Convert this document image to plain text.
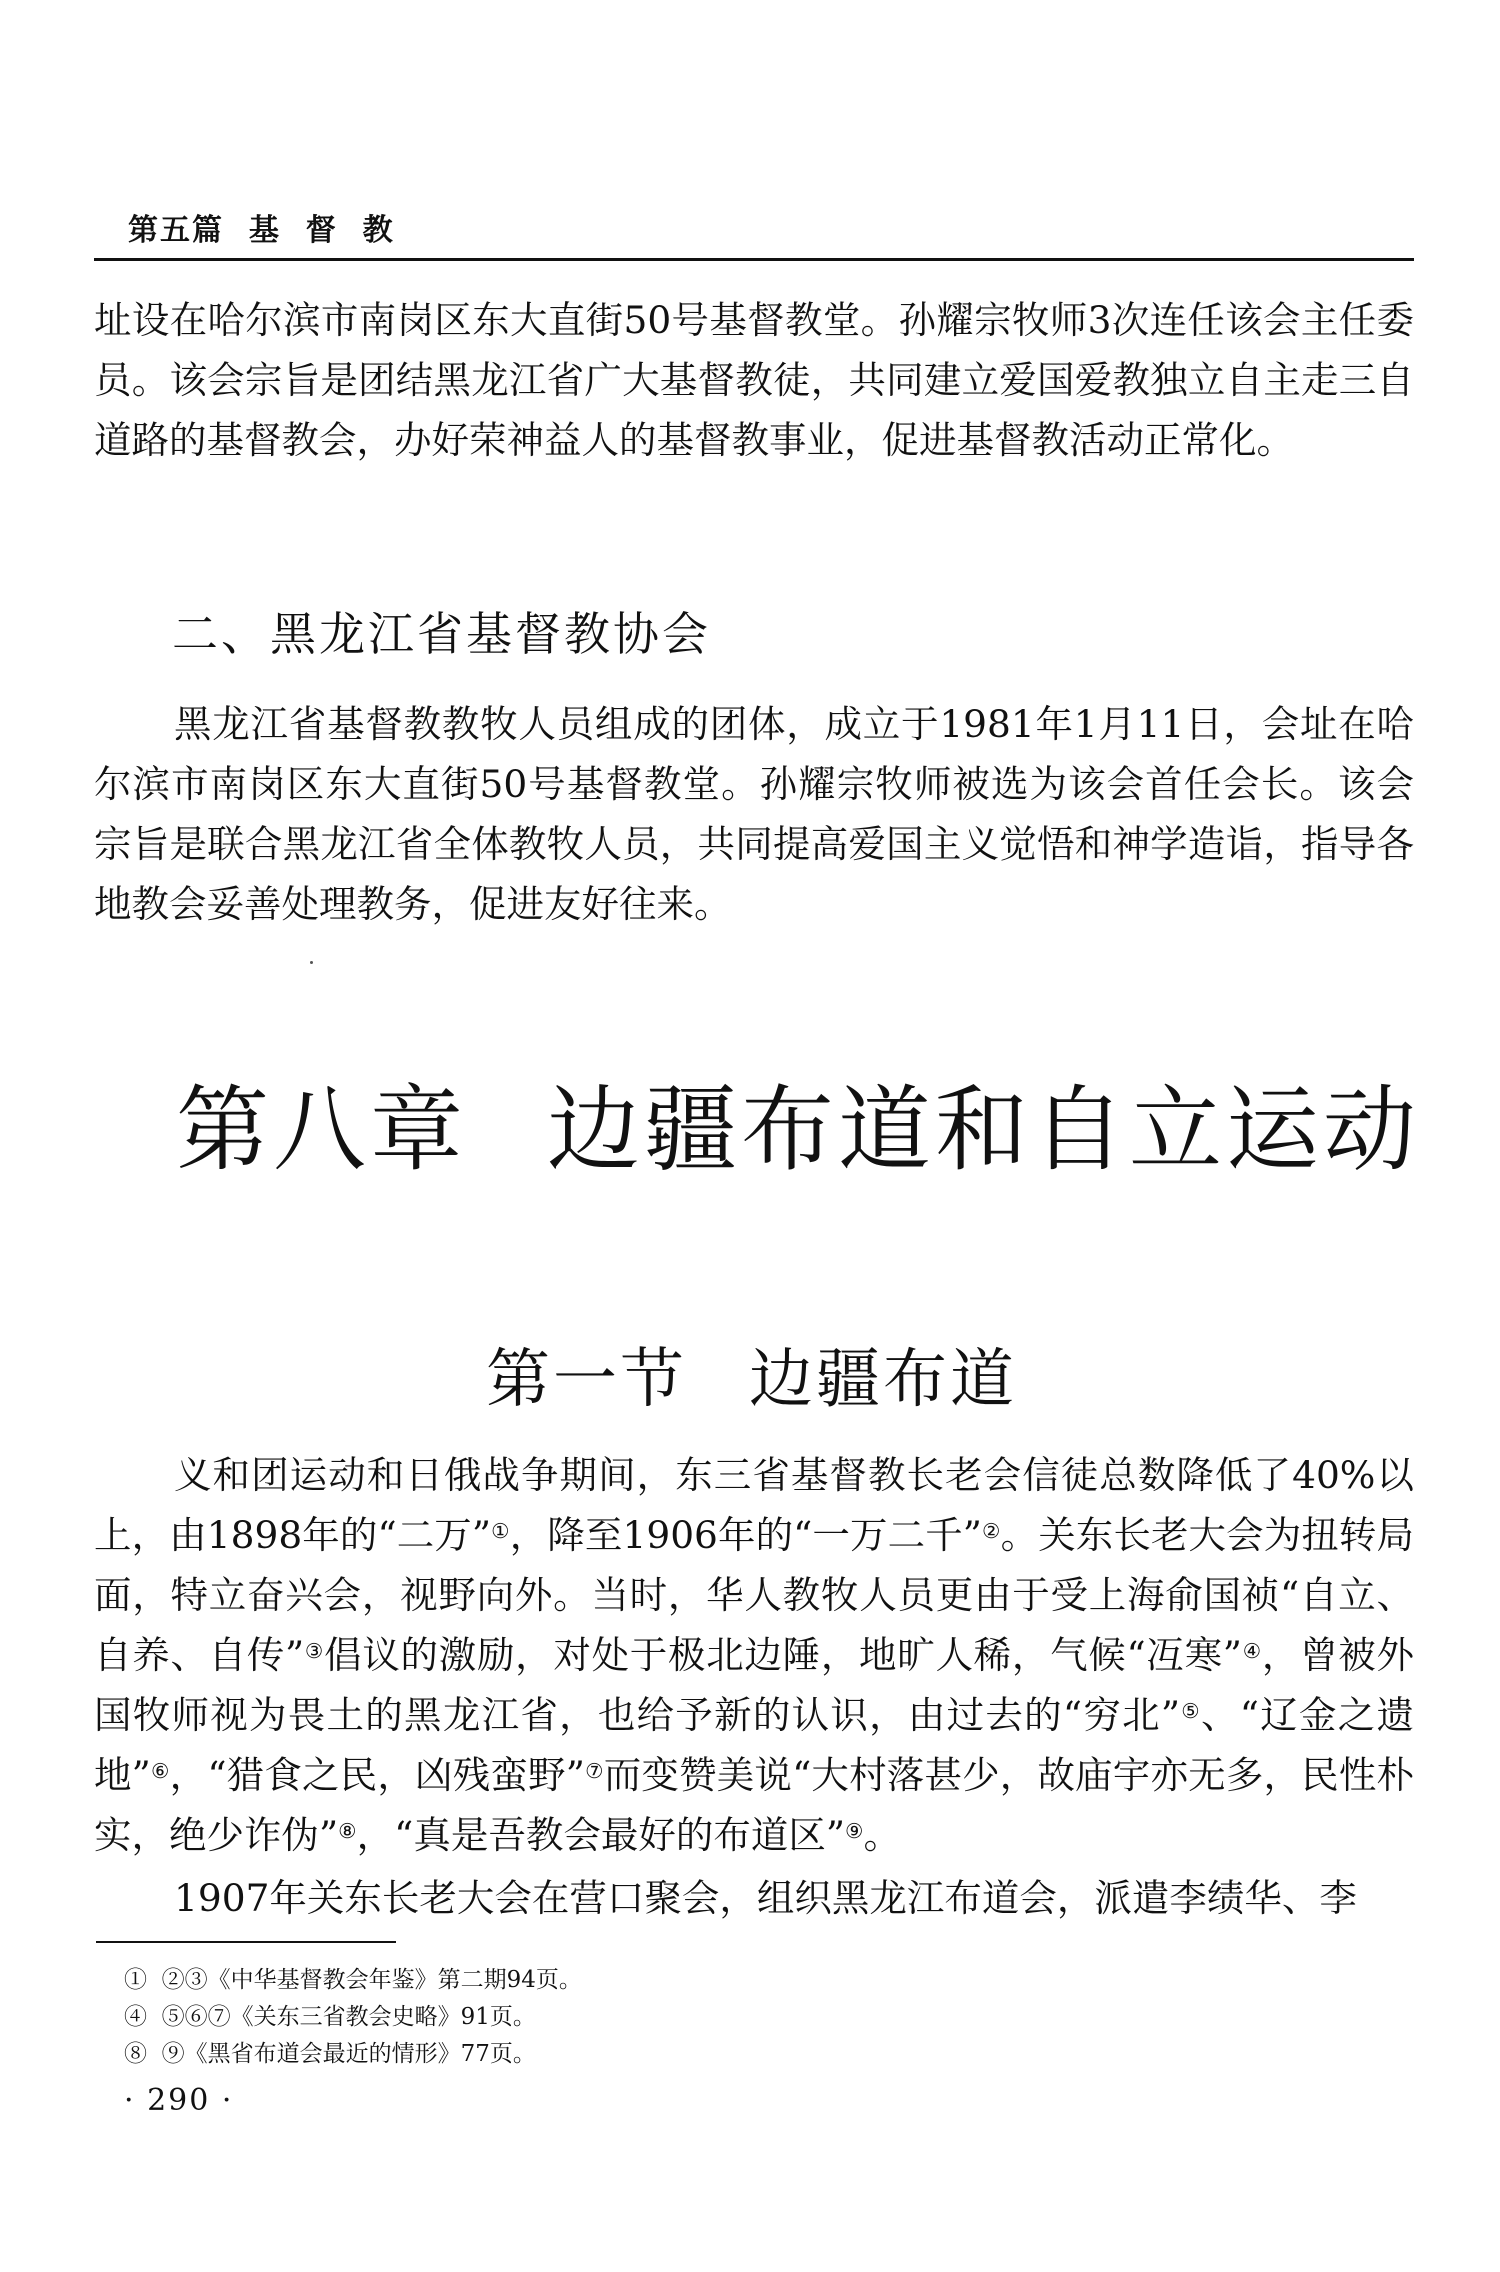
第五篇  基  督  教

址设在哈尔滨市南岗区东大直街50号基督教堂。孙耀宗牧师3次连任该会主任委员。该会宗旨是团结黑龙江省广大基督教徒，共同建立爱国爱教独立自主走三自道路的基督教会，办好荣神益人的基督教事业，促进基督教活动正常化。

二、黑龙江省基督教协会

黑龙江省基督教教牧人员组成的团体，成立于1981年1月11日，会址在哈尔滨市南岗区东大直街50号基督教堂。孙耀宗牧师被选为该会首任会长。该会宗旨是联合黑龙江省全体教牧人员，共同提高爱国主义觉悟和神学造诣，指导各地教会妥善处理教务，促进友好往来。

第八章 边疆布道和自立运动
第一节 边疆布道

义和团运动和日俄战争期间，东三省基督教长老会信徒总数降低了40%以上，由1898年的“二万”①，降至1906年的“一万二千”②。关东长老大会为扭转局面，特立奋兴会，视野向外。当时，华人教牧人员更由于受上海俞国祯“自立、自养、自传”③倡议的激励，对处于极北边陲，地旷人稀，气候“冱寒”④，曾被外国牧师视为畏土的黑龙江省，也给予新的认识，由过去的“穷北”⑤、“辽金之遗地”⑥，“猎食之民，凶残蛮野”⑦而变赞美说“大村落甚少，故庙宇亦无多，民性朴实，绝少诈伪”⑧，“真是吾教会最好的布道区”⑨。

1907年关东长老大会在营口聚会，组织黑龙江布道会，派遣李绩华、李

①  ②③《中华基督教会年鉴》第二期94页。
④  ⑤⑥⑦《关东三省教会史略》91页。
⑧  ⑨《黑省布道会最近的情形》77页。
· 290 ·
